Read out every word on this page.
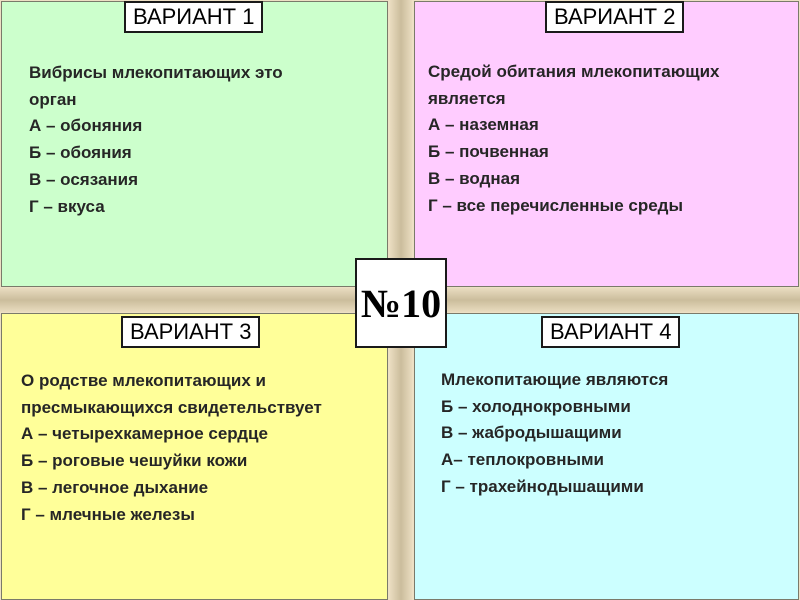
ВАРИАНТ 1
Вибрисы млекопитающих это
орган
А – обоняния
Б – обояния
В – осязания
Г – вкуса
ВАРИАНТ 2
Средой обитания млекопитающих
является
А – наземная
Б – почвенная
В – водная
Г – все перечисленные среды
ВАРИАНТ 3
О родстве млекопитающих и
пресмыкающихся свидетельствует
А – четырехкамерное сердце
Б – роговые чешуйки кожи
В – легочное дыхание
Г – млечные железы
ВАРИАНТ 4
Млекопитающие являются
Б – холоднокровными
В – жабродышащими
А– теплокровными
Г – трахейнодышащими
№10
